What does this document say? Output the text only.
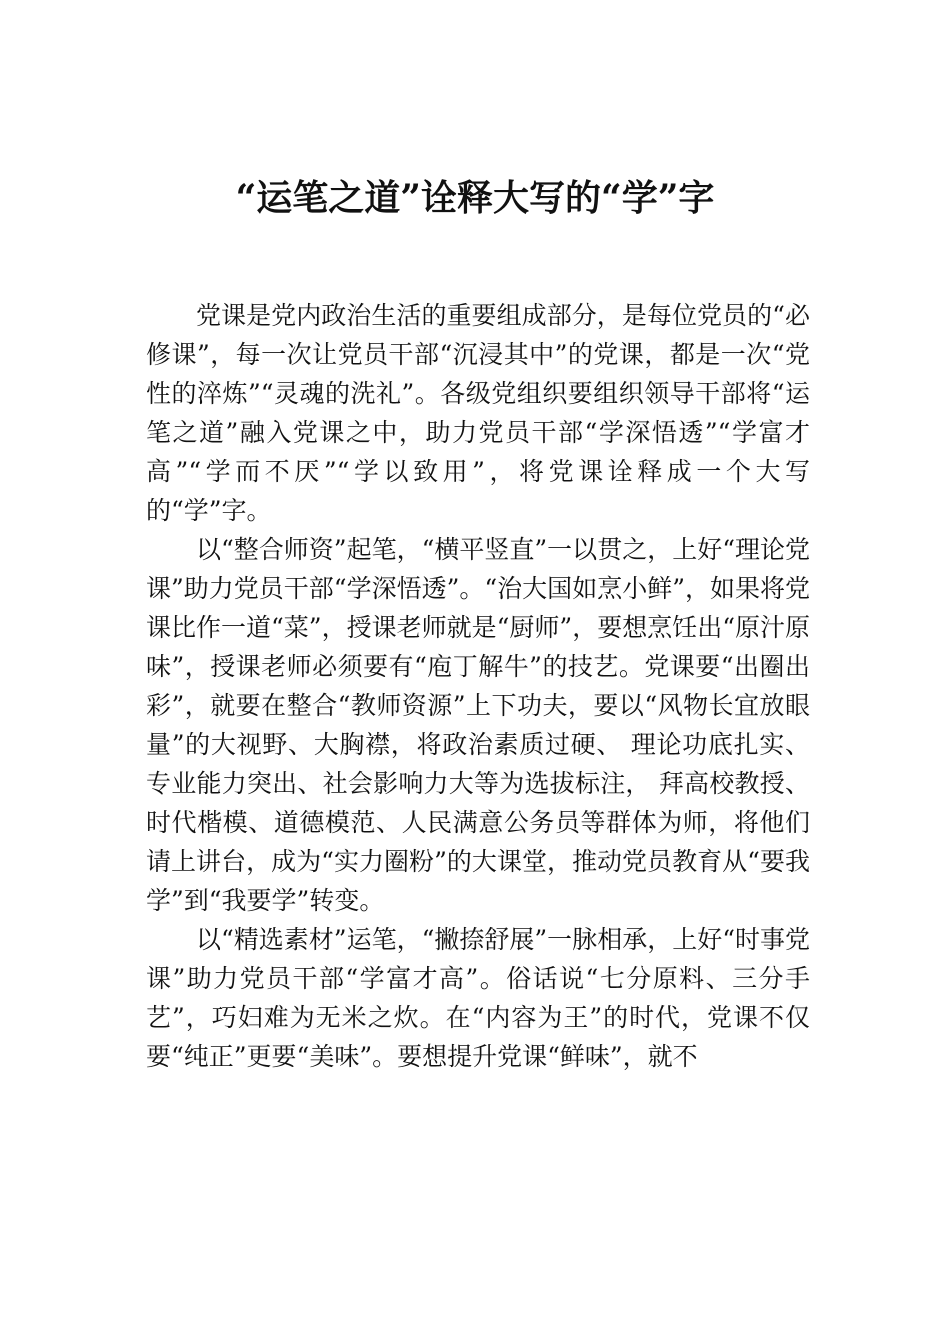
“运笔之道”诠释大写的“学”字

党课是党内政治生活的重要组成部分，是每位党员的“必修课”，每一次让党员干部“沉浸其中”的党课，都是一次“党性的淬炼”“灵魂的洗礼”。各级党组织要组织领导干部将“运笔之道”融入党课之中，助力党员干部“学深悟透”“学富才高”“学而不厌”“学以致用”，将党课诠释成一个大写的“学”字。

以“整合师资”起笔，“横平竖直”一以贯之，上好“理论党课”助力党员干部“学深悟透”。“治大国如烹小鲜”，如果将党课比作一道“菜”，授课老师就是“厨师”，要想烹饪出“原汁原味”，授课老师必须要有“庖丁解牛”的技艺。党课要“出圈出彩”，就要在整合“教师资源”上下功夫，要以“风物长宜放眼量”的大视野、大胸襟，将政治素质过硬、 理论功底扎实、专业能力突出、社会影响力大等为选拔标注， 拜高校教授、时代楷模、道德模范、人民满意公务员等群体为师，将他们请上讲台，成为“实力圈粉”的大课堂，推动党员教育从“要我学”到“我要学”转变。

以“精选素材”运笔，“撇捺舒展”一脉相承，上好“时事党课”助力党员干部“学富才高”。俗话说“七分原料、三分手艺”，巧妇难为无米之炊。在“内容为王”的时代，党课不仅要“纯正”更要“美味”。要想提升党课“鲜味”，就不
